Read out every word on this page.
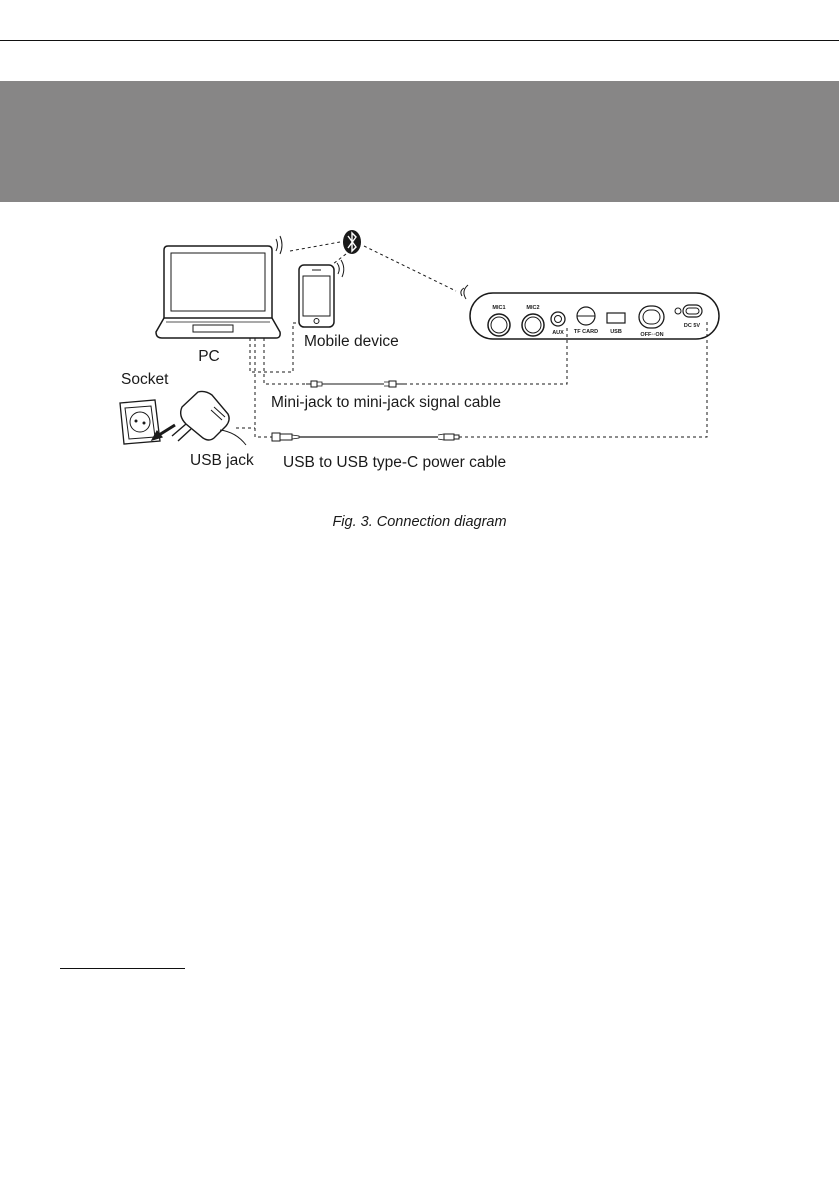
MIC1	MIC2
AUX TF CARD USB	OFF◦◦ON
DC 5V
PC
Mobile device
Socket
USB jack
Mini-jack to mini-jack signal cable
USB to USB type-C power cable
Fig. 3. Connection diagram
